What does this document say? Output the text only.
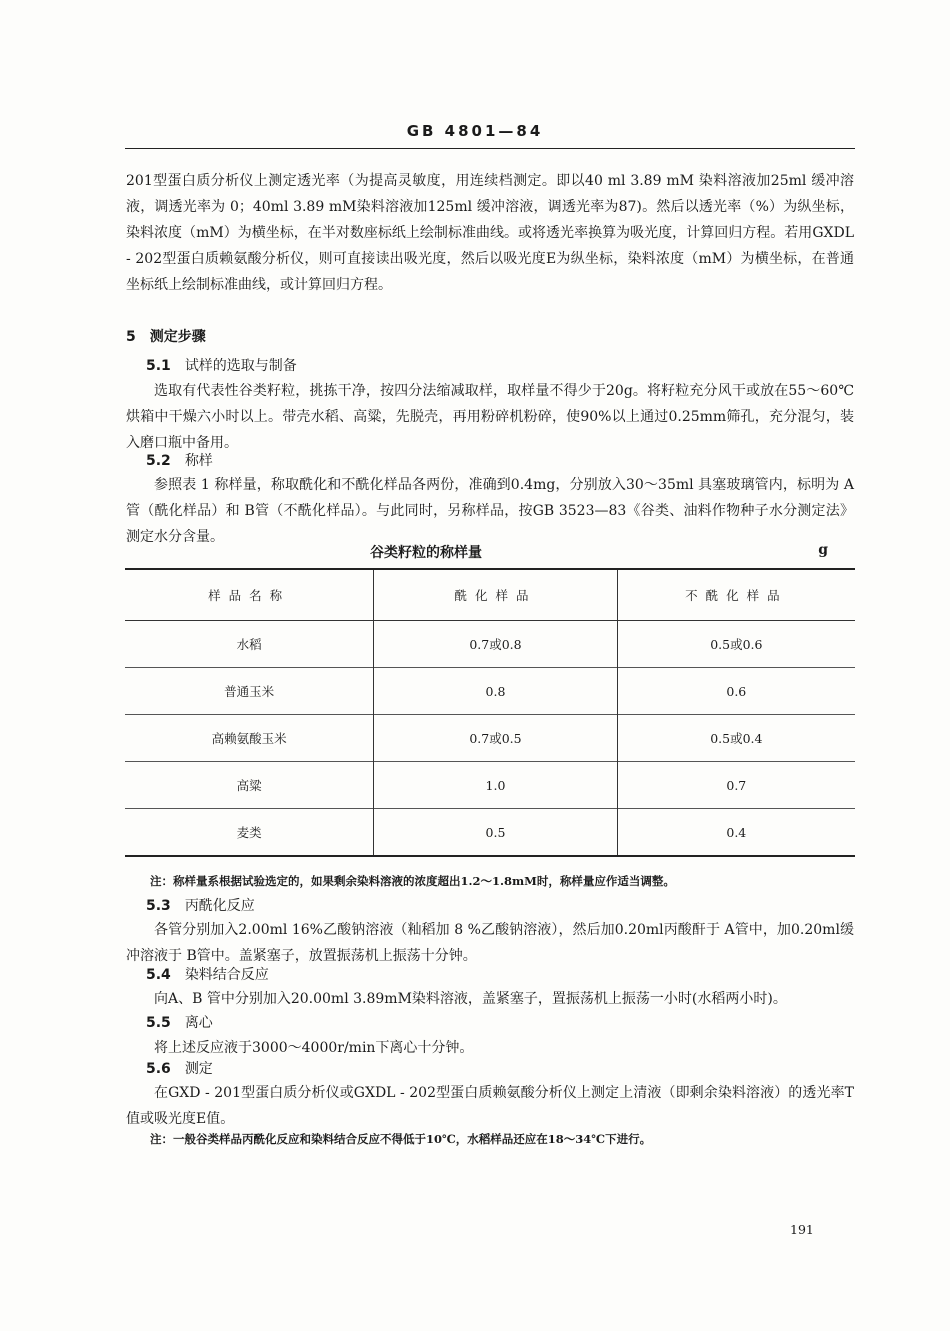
GB 4801—84
201型蛋白质分析仪上测定透光率（为提高灵敏度，用连续档测定。即以40 ml 3.89 mM 染料溶液加25ml 缓冲溶液，调透光率为 0；40ml 3.89 mM染料溶液加125ml 缓冲溶液，调透光率为87)。然后以透光率（%）为纵坐标，染料浓度（mM）为横坐标，在半对数座标纸上绘制标准曲线。或将透光率换算为吸光度，计算回归方程。若用GXDL - 202型蛋白质赖氨酸分析仪，则可直接读出吸光度，然后以吸光度E为纵坐标，染料浓度（mM）为横坐标，在普通坐标纸上绘制标准曲线，或计算回归方程。
5 测定步骤
5.1 试样的选取与制备
选取有代表性谷类籽粒，挑拣干净，按四分法缩减取样，取样量不得少于20g。将籽粒充分风干或放在55～60℃烘箱中干燥六小时以上。带壳水稻、高粱，先脱壳，再用粉碎机粉碎，使90%以上通过0.25mm筛孔，充分混匀，装入磨口瓶中备用。
5.2 称样
参照表 1 称样量，称取酰化和不酰化样品各两份，准确到0.4mg，分别放入30～35ml 具塞玻璃管内，标明为 A管（酰化样品）和 B管（不酰化样品）。与此同时，另称样品，按GB 3523—83《谷类、油料作物种子水分测定法》测定水分含量。
谷类籽粒的称样量	g
样品名称	酰化样品	不酰化样品
水稻	0.7或0.8	0.5或0.6
普通玉米	0.8	0.6
高赖氨酸玉米	0.7或0.5	0.5或0.4
高粱	1.0	0.7
麦类	0.5	0.4
注：称样量系根据试验选定的，如果剩余染料溶液的浓度超出1.2～1.8mM时，称样量应作适当调整。
5.3 丙酰化反应
各管分别加入2.00ml 16%乙酸钠溶液（籼稻加 8 %乙酸钠溶液），然后加0.20ml丙酸酐于 A管中，加0.20ml缓冲溶液于 B管中。盖紧塞子，放置振荡机上振荡十分钟。
5.4 染料结合反应
向A、B 管中分别加入20.00ml 3.89mM染料溶液，盖紧塞子，置振荡机上振荡一小时(水稻两小时)。
5.5 离心
将上述反应液于3000～4000r/min下离心十分钟。
5.6 测定
在GXD - 201型蛋白质分析仪或GXDL - 202型蛋白质赖氨酸分析仪上测定上清液（即剩余染料溶液）的透光率T值或吸光度E值。
注：一般谷类样品丙酰化反应和染料结合反应不得低于10℃，水稻样品还应在18～34℃下进行。
191
